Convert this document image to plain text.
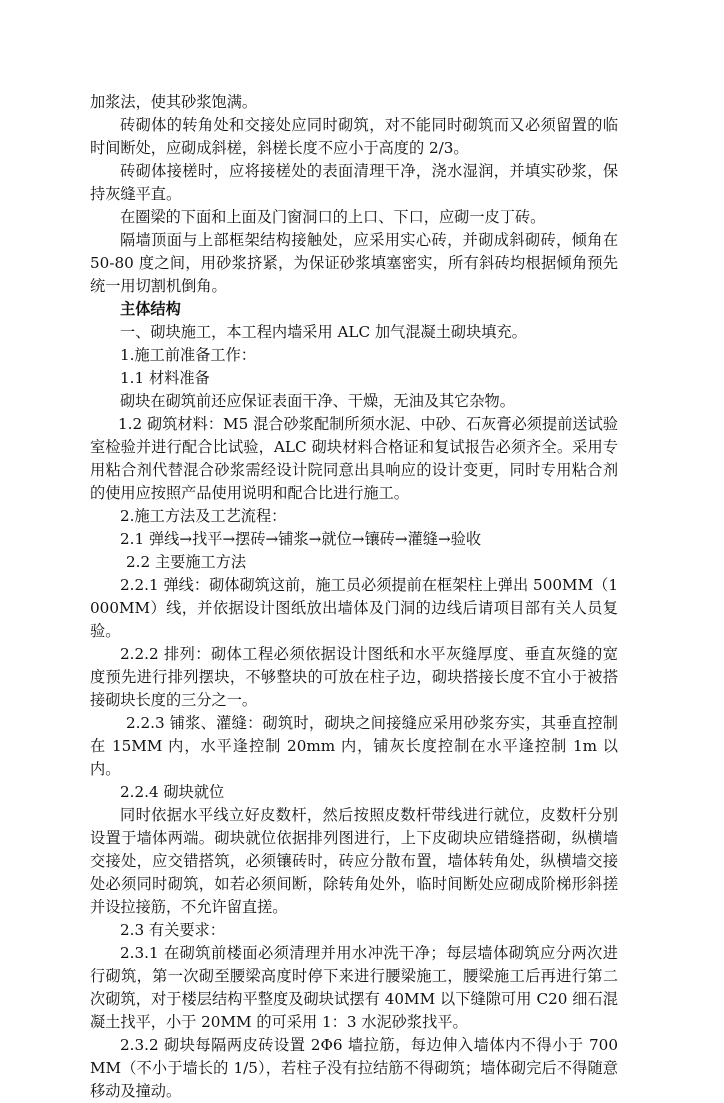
加浆法，使其砂浆饱满。

砖砌体的转角处和交接处应同时砌筑，对不能同时砌筑而又必须留置的临时间断处，应砌成斜槎，斜槎长度不应小于高度的 2/3。

砖砌体接槎时，应将接槎处的表面清理干净，浇水湿润，并填实砂浆，保持灰缝平直。

在圈梁的下面和上面及门窗洞口的上口、下口，应砌一皮丁砖。

隔墙顶面与上部框架结构接触处，应采用实心砖，并砌成斜砌砖，倾角在 50-80 度之间，用砂浆挤紧，为保证砂浆填塞密实，所有斜砖均根据倾角预先统一用切割机倒角。

主体结构

一、砌块施工，本工程内墙采用 ALC 加气混凝土砌块填充。

1.施工前准备工作：

1.1 材料准备

砌块在砌筑前还应保证表面干净、干燥，无油及其它杂物。

1.2 砌筑材料：M5 混合砂浆配制所须水泥、中砂、石灰膏必须提前送试验室检验并进行配合比试验，ALC 砌块材料合格证和复试报告必须齐全。采用专用粘合剂代替混合砂浆需经设计院同意出具响应的设计变更，同时专用粘合剂的使用应按照产品使用说明和配合比进行施工。

2.施工方法及工艺流程：

2.1 弹线→找平→摆砖→铺浆→就位→镶砖→灌缝→验收

2.2 主要施工方法

2.2.1 弹线：砌体砌筑这前，施工员必须提前在框架柱上弹出 500MM（1000MM）线，并依据设计图纸放出墙体及门洞的边线后请项目部有关人员复验。

2.2.2 排列：砌体工程必须依据设计图纸和水平灰缝厚度、垂直灰缝的宽度预先进行排列摆块，不够整块的可放在柱子边，砌块搭接长度不宜小于被搭接砌块长度的三分之一。

2.2.3 铺浆、灌缝：砌筑时，砌块之间接缝应采用砂浆夯实，其垂直控制在 15MM 内，水平逢控制 20mm 内，铺灰长度控制在水平逢控制 1m 以内。

2.2.4 砌块就位

同时依据水平线立好皮数杆，然后按照皮数杆带线进行就位，皮数杆分别设置于墙体两端。砌块就位依据排列图进行，上下皮砌块应错缝搭砌，纵横墙交接处，应交错搭筑，必须镶砖时，砖应分散布置，墙体转角处，纵横墙交接处必须同时砌筑，如若必须间断，除转角处外，临时间断处应砌成阶梯形斜搓并设拉接筋，不允许留直搓。

2.3 有关要求：

2.3.1 在砌筑前楼面必须清理并用水冲洗干净；每层墙体砌筑应分两次进行砌筑，第一次砌至腰梁高度时停下来进行腰梁施工，腰梁施工后再进行第二次砌筑，对于楼层结构平整度及砌块试摆有 40MM 以下缝隙可用 C20 细石混凝土找平，小于 20MM 的可采用 1：3 水泥砂浆找平。

2.3.2 砌块每隔两皮砖设置 2Φ6 墙拉筋，每边伸入墙体内不得小于 700MM（不小于墙长的 1/5），若柱子没有拉结筋不得砌筑；墙体砌完后不得随意移动及撞动。
